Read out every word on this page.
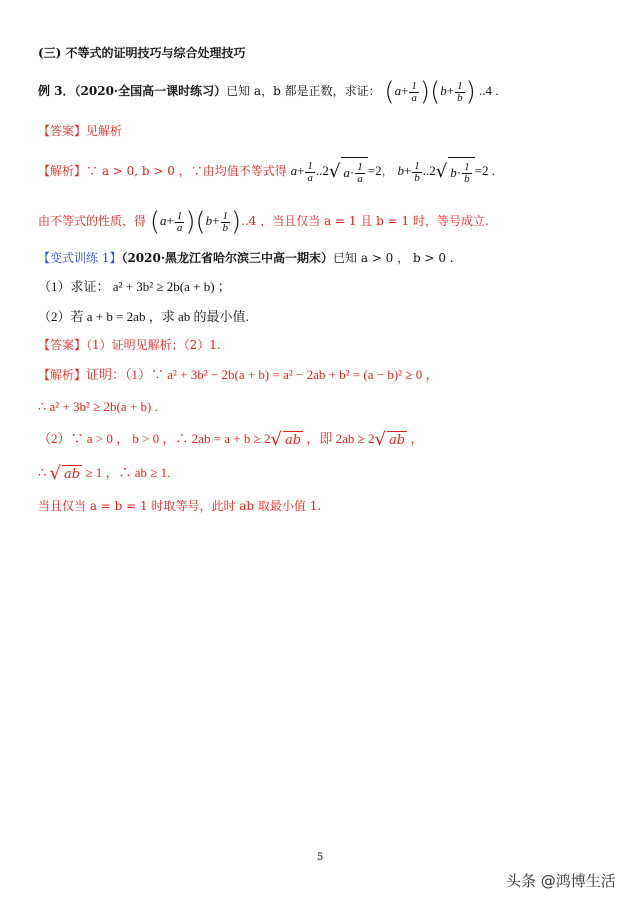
(三) 不等式的证明技巧与综合处理技巧
例 3．（2020·全国高一课时练习）已知 a，b 都是正数，求证： $(a+ \frac{1}{a} )(b+ \frac{1}{b}$ ) ..4 .
【答案】见解析
【解析】∵ a > 0, b > 0 ，∵由均值不等式得 $a+ \frac{1}{a} ..2√$ $a\cdot \frac{1}{a} =2$， $b+ \frac{1}{b} ..2√$ $b\cdot \frac{1}{b} =2$ .
由不等式的性质，得 $(a+ \frac{1}{a} )(b+ \frac{1}{b} )..4$ ，当且仅当 a = 1 且 b = 1 时，等号成立.
【变式训练 1】（2020·黑龙江省哈尔滨三中高一期末）已知 a > 0 ， b > 0 .
（1）求证： a² + 3b² ≥ 2b(a + b) ；
（2）若 a + b = 2ab ，求 ab 的最小值.
【答案】（1）证明见解析；（2）1.
【解析】证明：（1）∵ a² + 3b² − 2b(a + b) = a² − 2ab + b² = (a − b)² ≥ 0 ，
∴ a² + 3b² ≥ 2b(a + b) .
（2）∵ a > 0 ， b > 0 ，∴ 2ab = a + b ≥ 2√ ab ，即 2ab ≥ 2√ ab ，
∴ √ ab ≥ 1 ，∴ ab ≥ 1.
当且仅当 a = b = 1 时取等号，此时 ab 取最小值 1.
5
头条 @鸿博生活
